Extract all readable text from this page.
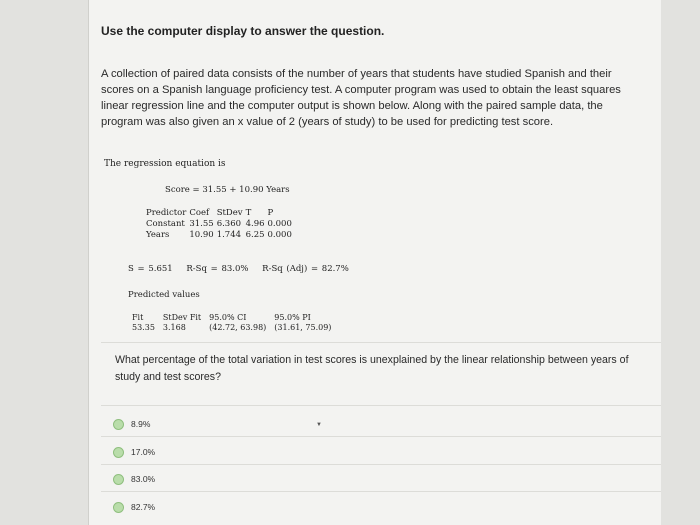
Use the computer display to answer the question.
A collection of paired data consists of the number of years that students have studied Spanish and their scores on a Spanish language proficiency test. A computer program was used to obtain the least squares linear regression line and the computer output is shown below. Along with the paired sample data, the program was also given an x value of 2 (years of study) to be used for predicting test score.
The regression equation is
Score = 31.55 + 10.90 Years
Predictor	Coef	StDev	T	P
Constant	31.55	6.360	4.96	0.000
Years	10.90	1.744	6.25	0.000
S = 5.651 R-Sq = 83.0% R-Sq (Adj) = 82.7%
Predicted values
Fit	StDev Fit	95.0% CI	95.0% PI
53.35	3.168	(42.72, 63.98)	(31.61, 75.09)
What percentage of the total variation in test scores is unexplained by the linear relationship between years of study and test scores?
8.9%	▼
17.0%
83.0%
82.7%
